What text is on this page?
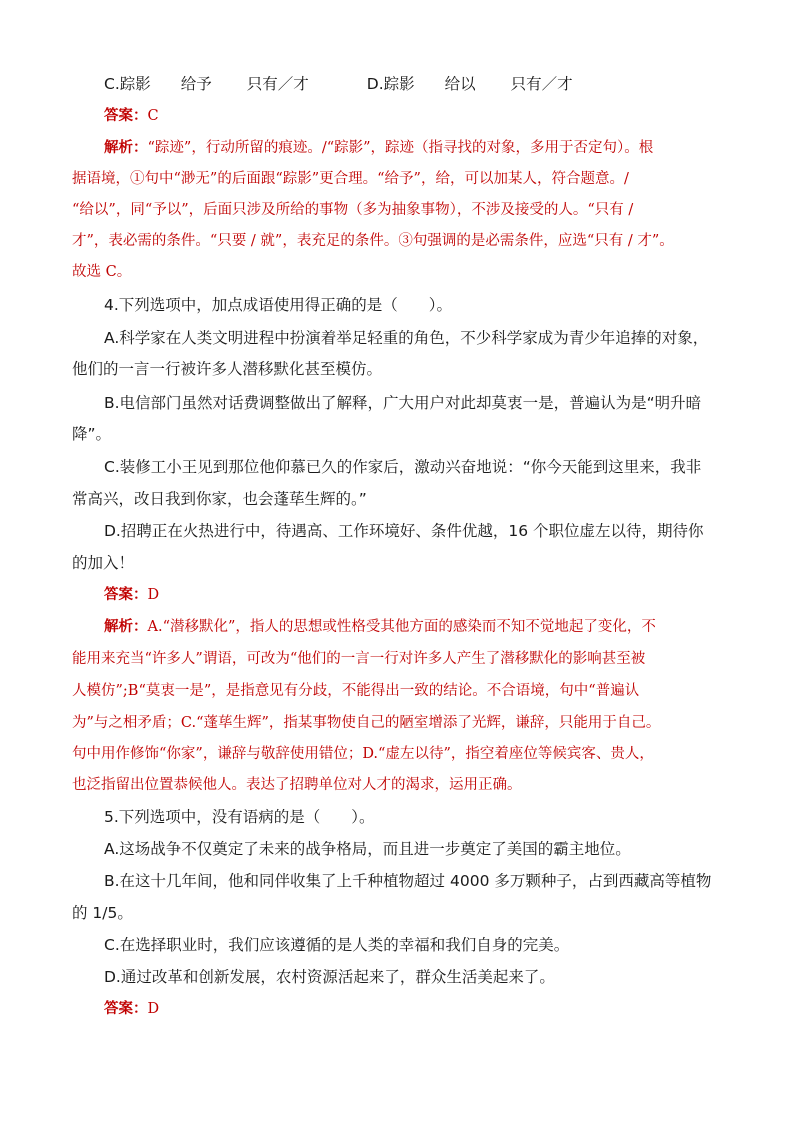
C.踪影 给予 只有／才	D.踪影 给以 只有／才
答案：C
解析：“踪迹”，行动所留的痕迹。/“踪影”，踪迹（指寻找的对象，多用于否定句）。根
据语境，①句中“渺无”的后面跟“踪影”更合理。“给予”，给，可以加某人，符合题意。/
“给以”，同“予以”，后面只涉及所给的事物（多为抽象事物），不涉及接受的人。“只有 /
才”，表必需的条件。“只要 / 就”，表充足的条件。③句强调的是必需条件，应选“只有 / 才”。
故选 C。
4.下列选项中，加点成语使用得正确的是（　　）。
A.科学家在人类文明进程中扮演着举足轻重的角色，不少科学家成为青少年追捧的对象，
他们的一言一行被许多人潜移默化甚至模仿。
B.电信部门虽然对话费调整做出了解释，广大用户对此却莫衷一是，普遍认为是“明升暗
降”。
C.装修工小王见到那位他仰慕已久的作家后，激动兴奋地说：“你今天能到这里来，我非
常高兴，改日我到你家，也会蓬荜生辉的。”
D.招聘正在火热进行中，待遇高、工作环境好、条件优越，16 个职位虚左以待，期待你
的加入！
答案：D
解析：A.“潜移默化”，指人的思想或性格受其他方面的感染而不知不觉地起了变化，不
能用来充当“许多人”谓语，可改为“他们的一言一行对许多人产生了潜移默化的影响甚至被
人模仿”;B“莫衷一是”，是指意见有分歧，不能得出一致的结论。不合语境，句中“普遍认
为”与之相矛盾；C.“蓬荜生辉”，指某事物使自己的陋室增添了光辉，谦辞，只能用于自己。
句中用作修饰“你家”，谦辞与敬辞使用错位；D.“虚左以待”，指空着座位等候宾客、贵人，
也泛指留出位置恭候他人。表达了招聘单位对人才的渴求，运用正确。
5.下列选项中，没有语病的是（　　）。
A.这场战争不仅奠定了未来的战争格局，而且进一步奠定了美国的霸主地位。
B.在这十几年间，他和同伴收集了上千种植物超过 4000 多万颗种子，占到西藏高等植物
的 1/5。
C.在选择职业时，我们应该遵循的是人类的幸福和我们自身的完美。
D.通过改革和创新发展，农村资源活起来了，群众生活美起来了。
答案：D
